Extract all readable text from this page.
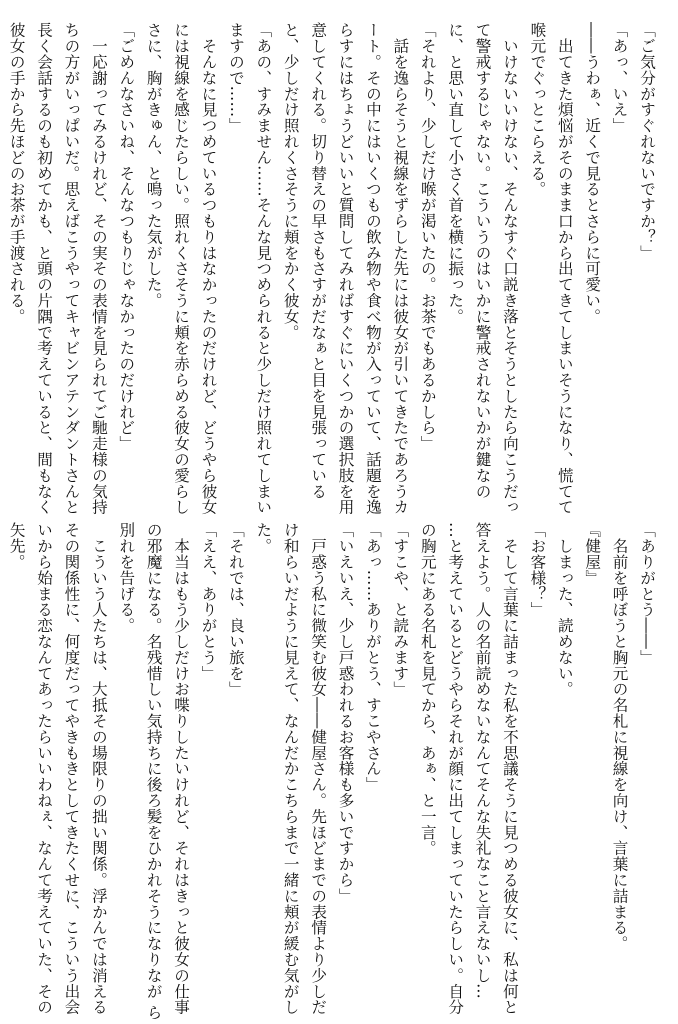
「ご気分がすぐれないですか？」
「あっ、いえ」
――うわぁ、近くで見るとさらに可愛い。
　出てきた煩悩がそのまま口から出てきてしまいそうになり、慌てて
喉元でぐっとこらえる。
　いけないいけない、そんなすぐ口説き落とそうとしたら向こうだっ
て警戒するじゃない。こういうのはいかに警戒されないかが鍵なの
に、と思い直して小さく首を横に振った。
「それより、少しだけ喉が渇いたの。お茶でもあるかしら」
　話を逸らそうと視線をずらした先には彼女が引いてきたであろうカ
ート。その中にはいくつもの飲み物や食べ物が入っていて、話題を逸
らすにはちょうどいいと質問してみればすぐにいくつかの選択肢を用
意してくれる。切り替えの早さもさすがだなぁと目を見張っている
と、少しだけ照れくさそうに頬をかく彼女。
「あの、すみません……そんな見つめられると少しだけ照れてしまい
ますので……」
　そんなに見つめているつもりはなかったのだけれど、どうやら彼女
には視線を感じたらしい。照れくさそうに頬を赤らめる彼女の愛らし
さに、胸がきゅん、と鳴った気がした。
「ごめんなさいね、そんなつもりじゃなかったのだけれど」
　一応謝ってみるけれど、その実その表情を見られてご馳走様の気持
ちの方がいっぱいだ。思えばこうやってキャビンアテンダントさんと
長く会話するのも初めてかも、と頭の片隅で考えていると、間もなく
彼女の手から先ほどのお茶が手渡される。
「ありがとう――」
　名前を呼ぼうと胸元の名札に視線を向け、言葉に詰まる。
『健屋』
　しまった、読めない。
「お客様？」
　そして言葉に詰まった私を不思議そうに見つめる彼女に、私は何と
答えよう。人の名前読めないなんてそんな失礼なこと言えないし…
…と考えているとどうやらそれが顔に出てしまっていたらしい。自分
の胸元にある名札を見てから、あぁ、と一言。
「すこや、と読みます」
「あっ……ありがとう、すこやさん」
「いえいえ、少し戸惑われるお客様も多いですから」
　戸惑う私に微笑む彼女――健屋さん。先ほどまでの表情より少しだ
け和らいだように見えて、なんだかこちらまで一緒に頬が緩む気がし
た。
「それでは、良い旅を」
「ええ、ありがとう」
　本当はもう少しだけお喋りしたいけれど、それはきっと彼女の仕事
の邪魔になる。名残惜しい気持ちに後ろ髪をひかれそうになりなが ら
別れを告げる。
　こういう人たちは、大抵その場限りの拙い関係。浮かんでは消える
その関係性に、何度だってやきもきとしてきたくせに、こういう出会
いから始まる恋なんてあったらいいわねぇ、なんて考えていた、その
矢先。
